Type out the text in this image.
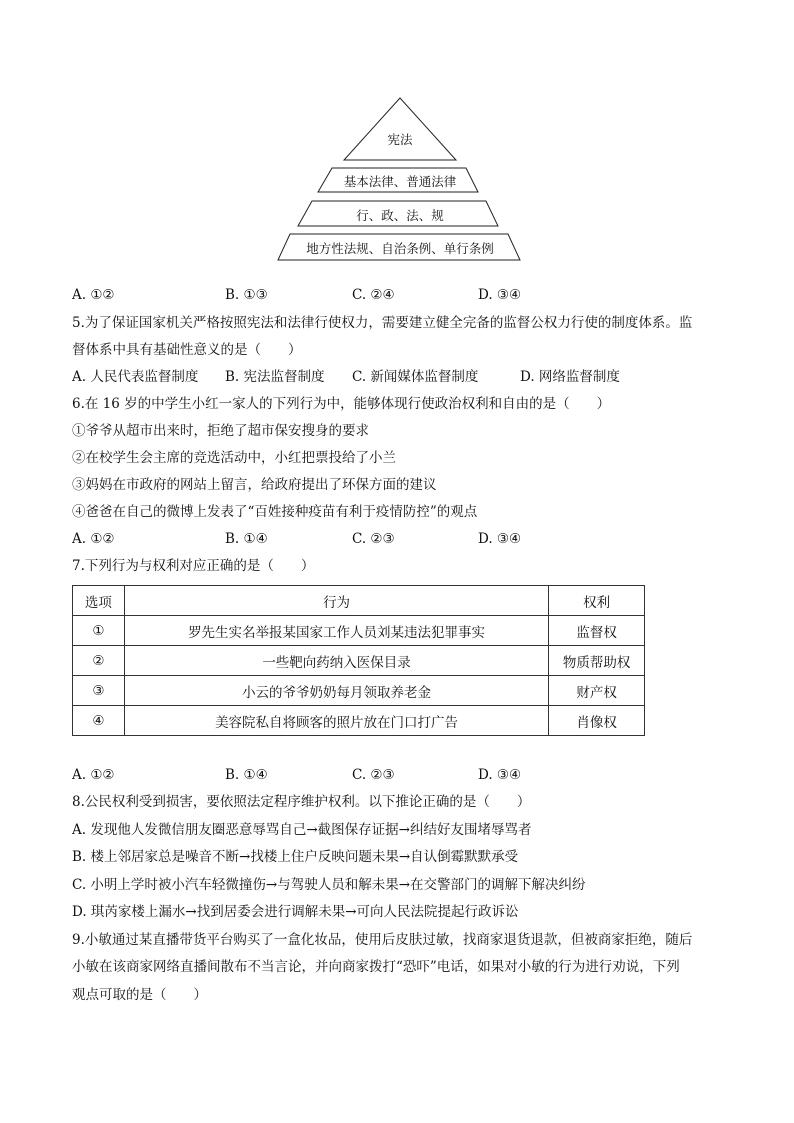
宪法
基本法律、普通法律
行、政、法、规
地方性法规、自治条例、单行条例
A. ①②	B. ①③	C. ②④	D. ③④
5.为了保证国家机关严格按照宪法和法律行使权力，需要建立健全完备的监督公权力行使的制度体系。监
督体系中具有基础性意义的是（　　）
A. 人民代表监督制度 B. 宪法监督制度 C. 新闻媒体监督制度	D. 网络监督制度
6.在 16 岁的中学生小红一家人的下列行为中，能够体现行使政治权利和自由的是（　　）
①爷爷从超市出来时，拒绝了超市保安搜身的要求
②在校学生会主席的竞选活动中，小红把票投给了小兰
③妈妈在市政府的网站上留言，给政府提出了环保方面的建议
④爸爸在自己的微博上发表了“百姓接种疫苗有利于疫情防控”的观点
A. ①②	B. ①④	C. ②③	D. ③④
7.下列行为与权利对应正确的是（　　）
选项	行为	权利
①	罗先生实名举报某国家工作人员刘某违法犯罪事实	监督权
②	一些靶向药纳入医保目录	物质帮助权
③	小云的爷爷奶奶每月领取养老金	财产权
④	美容院私自将顾客的照片放在门口打广告	肖像权
A. ①②	B. ①④	C. ②③	D. ③④
8.公民权利受到损害，要依照法定程序维护权利。以下推论正确的是（　　）
A. 发现他人发微信朋友圈恶意辱骂自己→截图保存证据→纠结好友围堵辱骂者
B. 楼上邻居家总是噪音不断→找楼上住户反映问题未果→自认倒霉默默承受
C. 小明上学时被小汽车轻微撞伤→与驾驶人员和解未果→在交警部门的调解下解决纠纷
D. 琪芮家楼上漏水→找到居委会进行调解未果→可向人民法院提起行政诉讼
9.小敏通过某直播带货平台购买了一盒化妆品，使用后皮肤过敏，找商家退货退款，但被商家拒绝，随后
小敏在该商家网络直播间散布不当言论，并向商家拨打“恐吓”电话，如果对小敏的行为进行劝说，下列
观点可取的是（　　）
